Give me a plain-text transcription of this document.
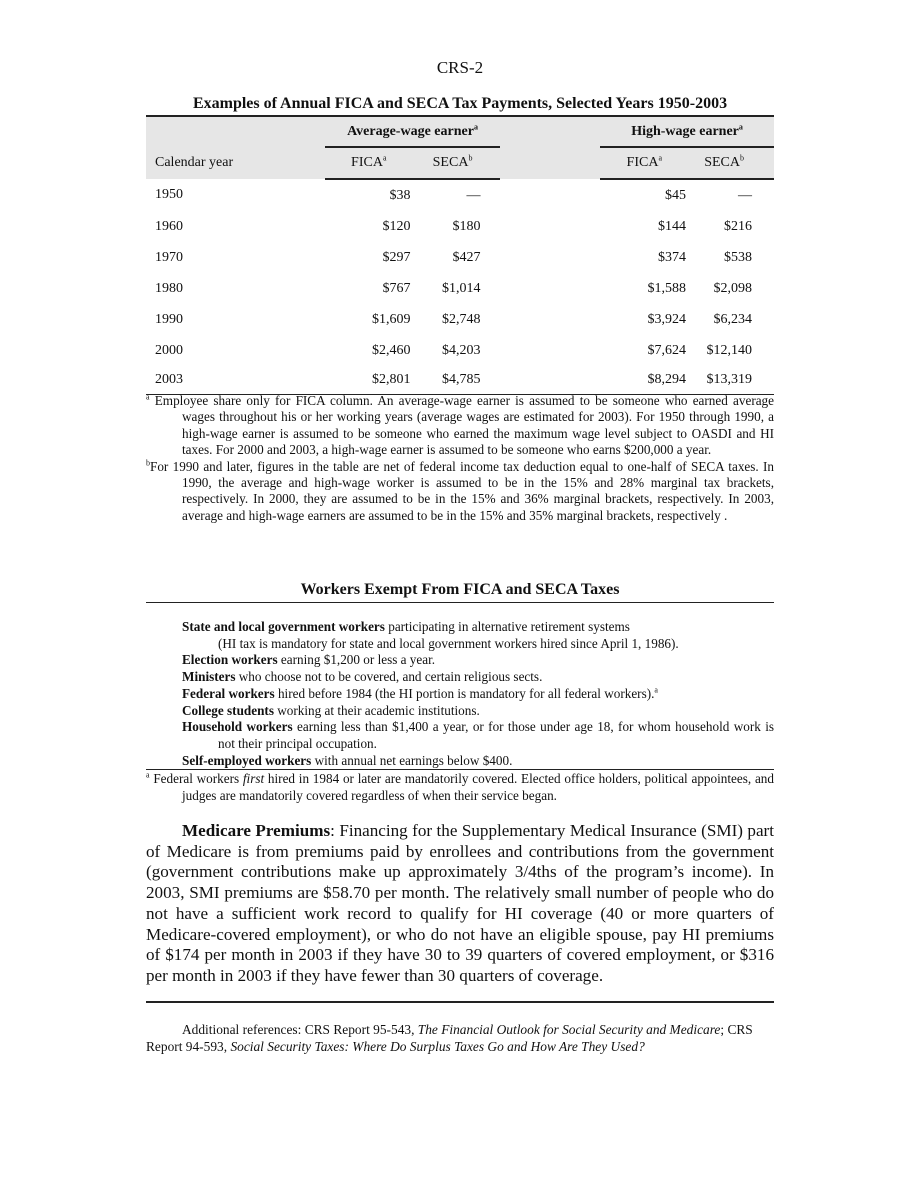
CRS-2
Examples of Annual FICA and SECA Tax Payments, Selected Years 1950-2003
	Average-wage earner$^a$			High-wage earner$^a$
Calendar year	FICA$^a$	SECA$^b$		FICA$^a$	SECA$^b$
1950	$38	—		$45	—
1960	$120	$180		$144	$216
1970	$297	$427		$374	$538
1980	$767	$1,014		$1,588	$2,098
1990	$1,609	$2,748		$3,924	$6,234
2000	$2,460	$4,203		$7,624	$12,140
2003	$2,801	$4,785		$8,294	$13,319

$^a$ Employee share only for FICA column. An average-wage earner is assumed to be someone who earned average wages throughout his or her working years (average wages are estimated for 2003). For 1950 through 1990, a high-wage earner is assumed to be someone who earned the maximum wage level subject to OASDI and HI taxes. For 2000 and 2003, a high-wage earner is assumed to be someone who earns $200,000 a year.

$^b$For 1990 and later, figures in the table are net of federal income tax deduction equal to one-half of SECA taxes. In 1990, the average and high-wage worker is assumed to be in the 15% and 28% marginal tax brackets, respectively. In 2000, they are assumed to be in the 15% and 36% marginal brackets, respectively. In 2003, average and high-wage earners are assumed to be in the 15% and 35% marginal brackets, respectively .

Workers Exempt From FICA and SECA Taxes

State and local government workers participating in alternative retirement systems

(HI tax is mandatory for state and local government workers hired since April 1, 1986).

Election workers earning $1,200 or less a year.

Ministers who choose not to be covered, and certain religious sects.

Federal workers hired before 1984 (the HI portion is mandatory for all federal workers).$^a$

College students working at their academic institutions.

Household workers earning less than $1,400 a year, or for those under age 18, for whom household work is not their principal occupation.

Self-employed workers with annual net earnings below $400.

$^a$ Federal workers first hired in 1984 or later are mandatorily covered. Elected office holders, political appointees, and judges are mandatorily covered regardless of when their service began.

Medicare Premiums: Financing for the Supplementary Medical Insurance (SMI) part of Medicare is from premiums paid by enrollees and contributions from the government (government contributions make up approximately 3/4ths of the program’s income). In 2003, SMI premiums are $58.70 per month. The relatively small number of people who do not have a sufficient work record to qualify for HI coverage (40 or more quarters of Medicare-covered employment), or who do not have an eligible spouse, pay HI premiums of $174 per month in 2003 if they have 30 to 39 quarters of covered employment, or $316 per month in 2003 if they have fewer than 30 quarters of coverage.

Additional references: CRS Report 95-543, The Financial Outlook for Social Security and Medicare; CRS Report 94-593, Social Security Taxes: Where Do Surplus Taxes Go and How Are They Used?
